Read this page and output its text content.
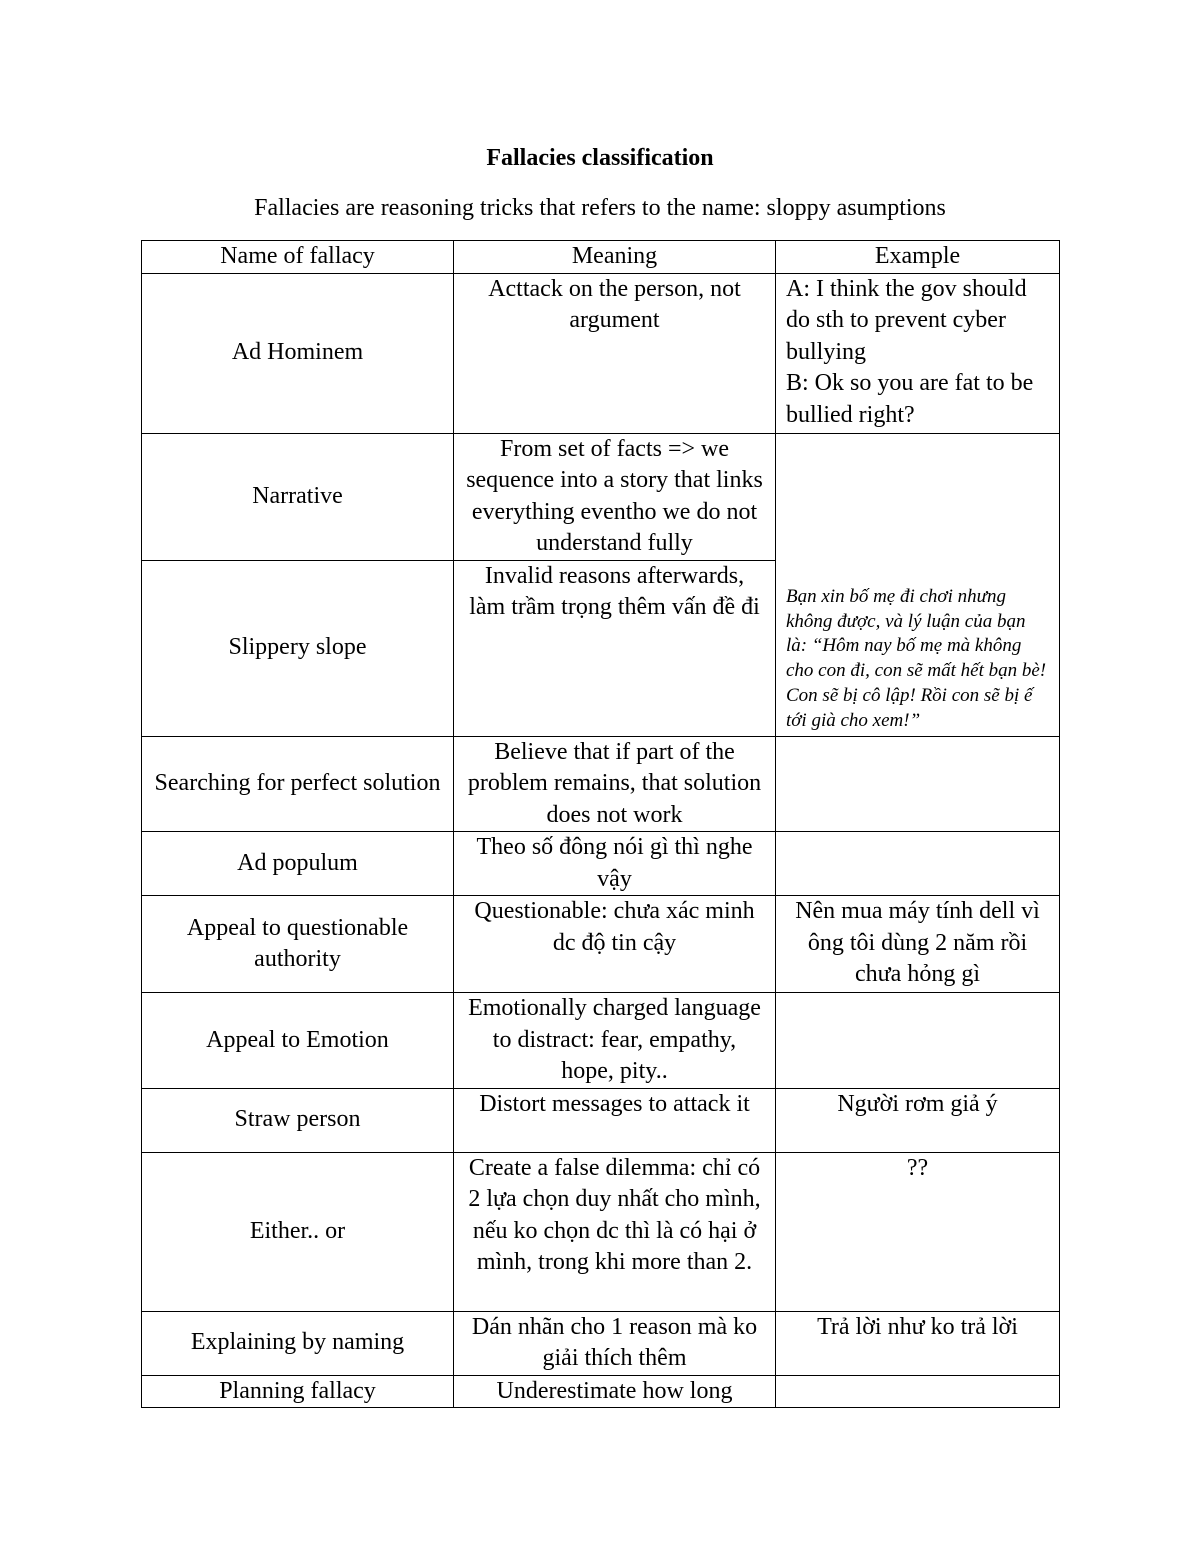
Fallacies classification
Fallacies are reasoning tricks that refers to the name: sloppy asumptions
Name of fallacy	Meaning	Example
Ad Hominem	Acttack on the person, not argument	A: I think the gov should do sth to prevent cyber bullying
B: Ok so you are fat to be bullied right?

Narrative	From set of facts => we sequence into a story that links everything eventho we do not understand fully	Bạn xin bố mẹ đi chơi nhưng không được, và lý luận của bạn là: “Hôm nay bố mẹ mà không cho con đi, con sẽ mất hết bạn bè! Con sẽ bị cô lập! Rồi con sẽ bị ế tới già cho xem!”

Slippery slope	Invalid reasons afterwards, làm trầm trọng thêm vấn đề đi	
Searching for perfect solution	Believe that if part of the problem remains, that solution does not work	
Ad populum	Theo số đông nói gì thì nghe vậy	
Appeal to questionable authority	Questionable: chưa xác minh dc độ tin cậy	Nên mua máy tính dell vì ông tôi dùng 2 năm rồi chưa hỏng gì
Appeal to Emotion	Emotionally charged language to distract: fear, empathy, hope, pity..	
Straw person	Distort messages to attack it	Người rơm giả ý
Either.. or	Create a false dilemma: chỉ có 2 lựa chọn duy nhất cho mình, nếu ko chọn dc thì là có hại ở mình, trong khi more than 2.	??
Explaining by naming	Dán nhãn cho 1 reason mà ko giải thích thêm	Trả lời như ko trả lời
Planning fallacy	Underestimate how long	
